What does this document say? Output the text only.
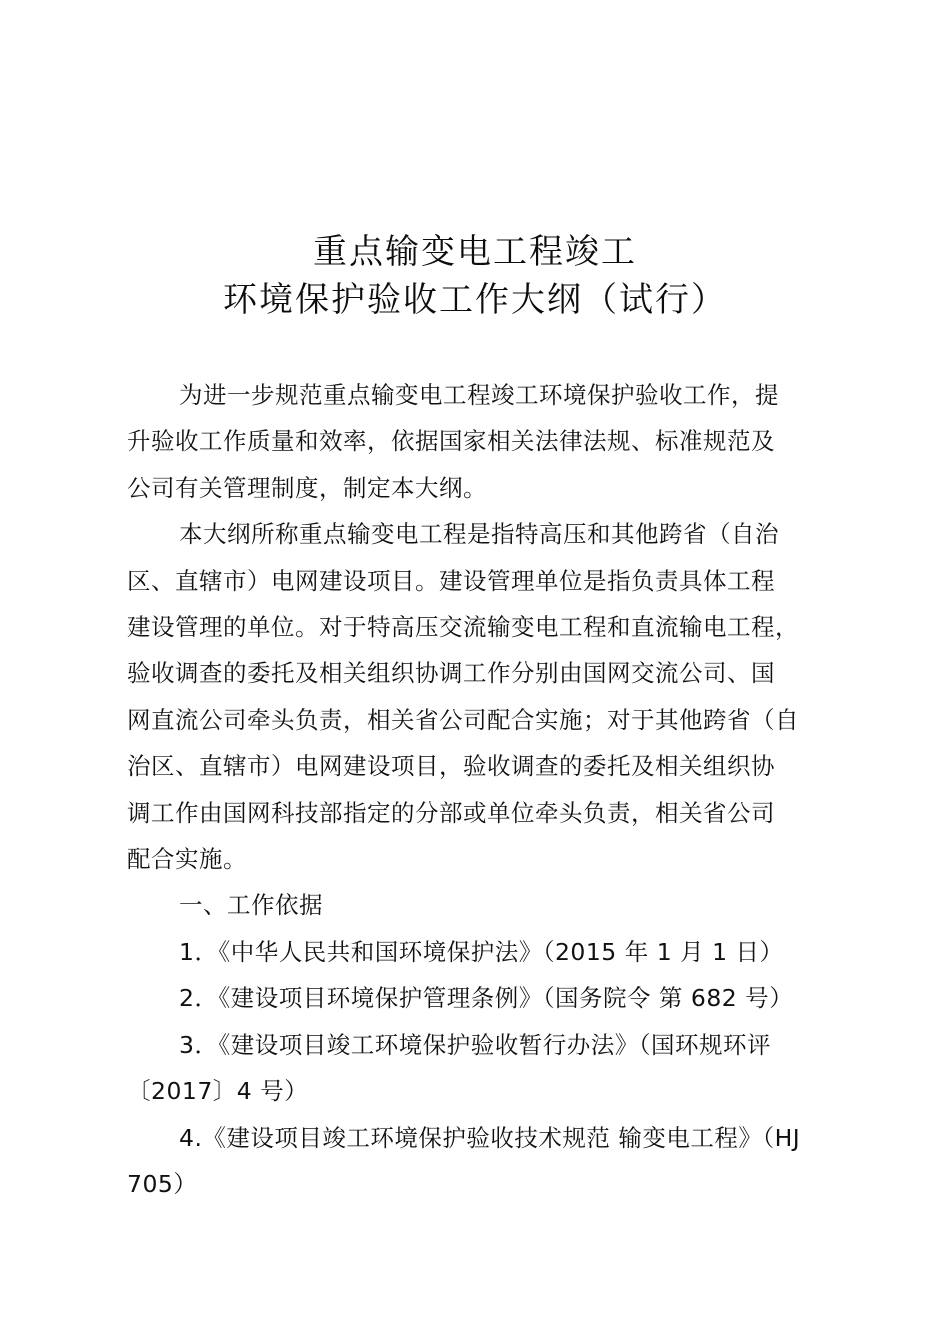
重点输变电工程竣工

环境保护验收工作大纲（试行）

为进一步规范重点输变电工程竣工环境保护验收工作，提
升验收工作质量和效率，依据国家相关法律法规、标准规范及
公司有关管理制度，制定本大纲。

本大纲所称重点输变电工程是指特高压和其他跨省（自治
区、直辖市）电网建设项目。建设管理单位是指负责具体工程
建设管理的单位。对于特高压交流输变电工程和直流输电工程，
验收调查的委托及相关组织协调工作分别由国网交流公司、国
网直流公司牵头负责，相关省公司配合实施；对于其他跨省（自
治区、直辖市）电网建设项目，验收调查的委托及相关组织协
调工作由国网科技部指定的分部或单位牵头负责，相关省公司
配合实施。

一、工作依据

1．《中华人民共和国环境保护法》（2015 年 1 月 1 日）

2．《建设项目环境保护管理条例》（国务院令 第 682 号）

3．《建设项目竣工环境保护验收暂行办法》（国环规环评
〔2017〕4 号）

4.《建设项目竣工环境保护验收技术规范 输变电工程》（HJ
705）
